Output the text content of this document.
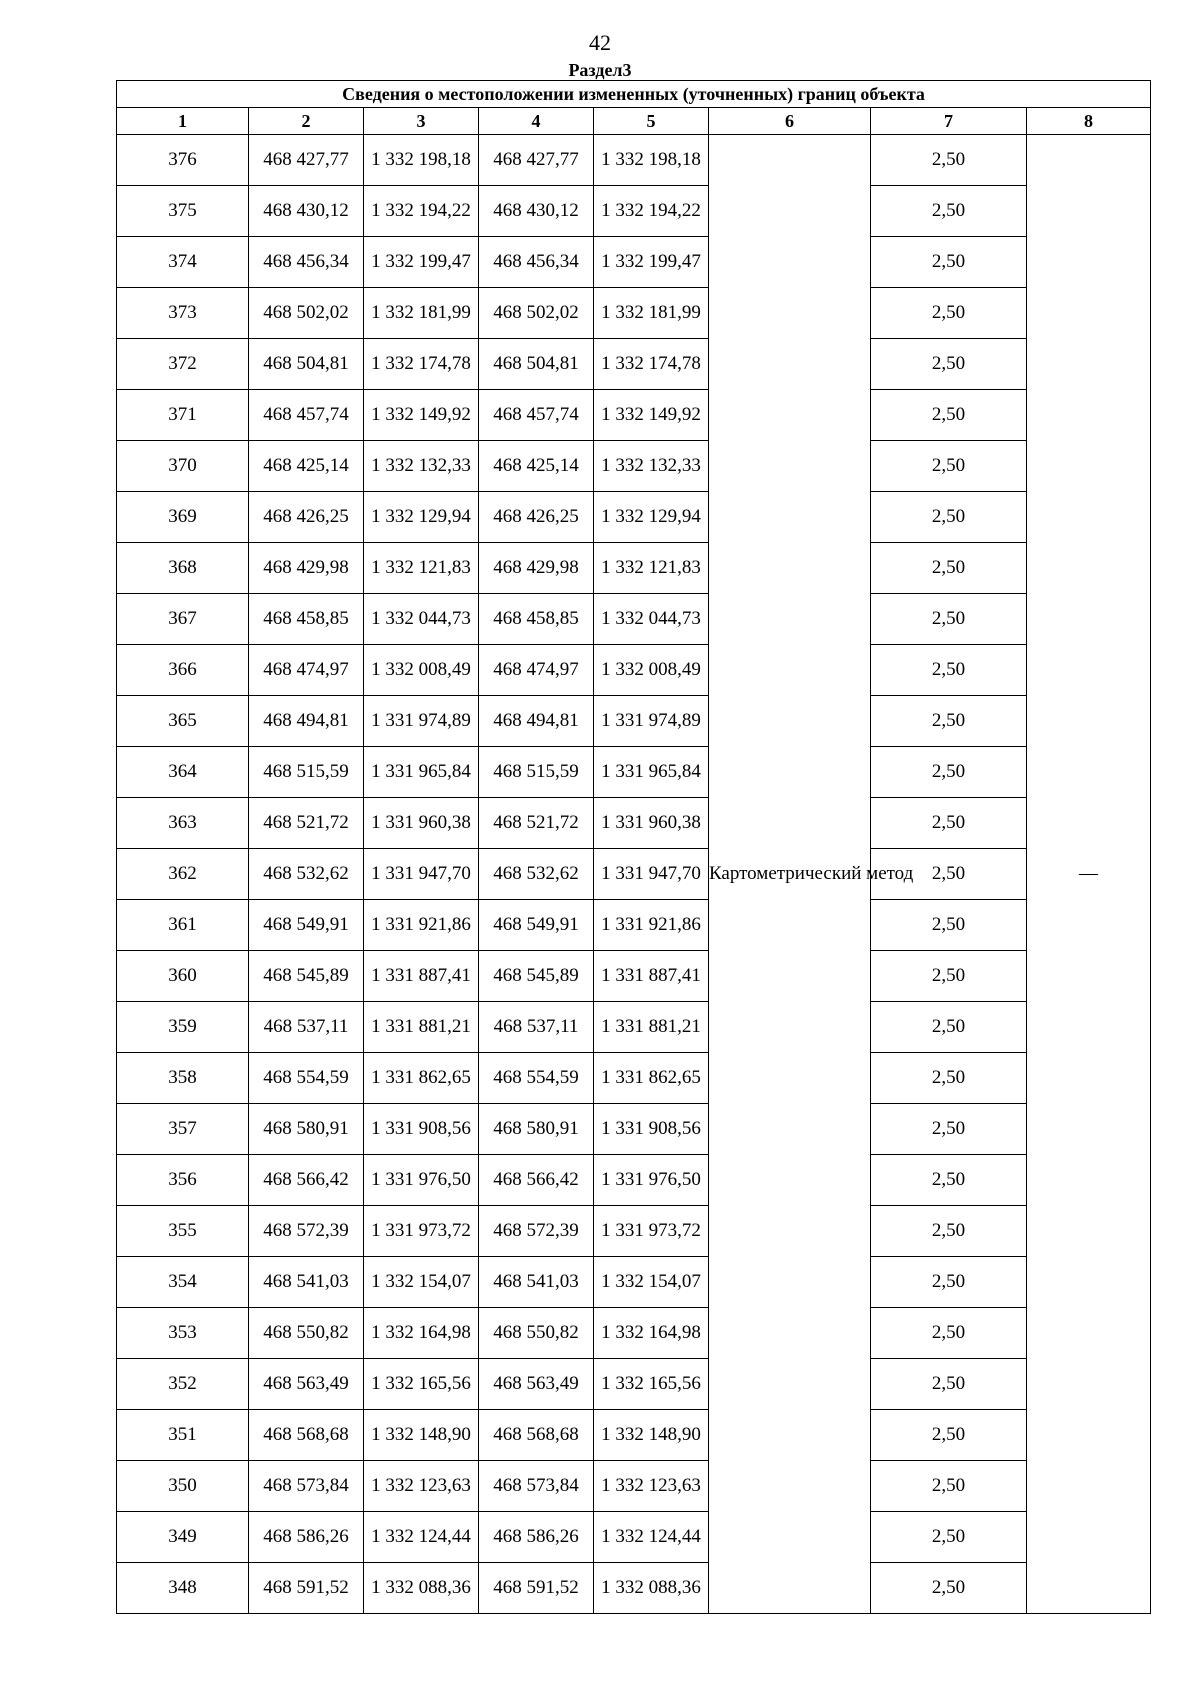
42
Раздел3
Сведения о местоположении измененных (уточненных) границ объекта							
1	2	3	4	5	6	7	8
376	468 427,77	1 332 198,18	468 427,77	1 332 198,18	Картометрический метод	2,50	—
375	468 430,12	1 332 194,22	468 430,12	1 332 194,22		2,50	
374	468 456,34	1 332 199,47	468 456,34	1 332 199,47		2,50	
373	468 502,02	1 332 181,99	468 502,02	1 332 181,99		2,50	
372	468 504,81	1 332 174,78	468 504,81	1 332 174,78		2,50	
371	468 457,74	1 332 149,92	468 457,74	1 332 149,92		2,50	
370	468 425,14	1 332 132,33	468 425,14	1 332 132,33		2,50	
369	468 426,25	1 332 129,94	468 426,25	1 332 129,94		2,50	
368	468 429,98	1 332 121,83	468 429,98	1 332 121,83		2,50	
367	468 458,85	1 332 044,73	468 458,85	1 332 044,73		2,50	
366	468 474,97	1 332 008,49	468 474,97	1 332 008,49		2,50	
365	468 494,81	1 331 974,89	468 494,81	1 331 974,89		2,50	
364	468 515,59	1 331 965,84	468 515,59	1 331 965,84		2,50	
363	468 521,72	1 331 960,38	468 521,72	1 331 960,38		2,50	
362	468 532,62	1 331 947,70	468 532,62	1 331 947,70		2,50	
361	468 549,91	1 331 921,86	468 549,91	1 331 921,86		2,50	
360	468 545,89	1 331 887,41	468 545,89	1 331 887,41		2,50	
359	468 537,11	1 331 881,21	468 537,11	1 331 881,21		2,50	
358	468 554,59	1 331 862,65	468 554,59	1 331 862,65		2,50	
357	468 580,91	1 331 908,56	468 580,91	1 331 908,56		2,50	
356	468 566,42	1 331 976,50	468 566,42	1 331 976,50		2,50	
355	468 572,39	1 331 973,72	468 572,39	1 331 973,72		2,50	
354	468 541,03	1 332 154,07	468 541,03	1 332 154,07		2,50	
353	468 550,82	1 332 164,98	468 550,82	1 332 164,98		2,50	
352	468 563,49	1 332 165,56	468 563,49	1 332 165,56		2,50	
351	468 568,68	1 332 148,90	468 568,68	1 332 148,90		2,50	
350	468 573,84	1 332 123,63	468 573,84	1 332 123,63		2,50	
349	468 586,26	1 332 124,44	468 586,26	1 332 124,44		2,50	
348	468 591,52	1 332 088,36	468 591,52	1 332 088,36		2,50	
